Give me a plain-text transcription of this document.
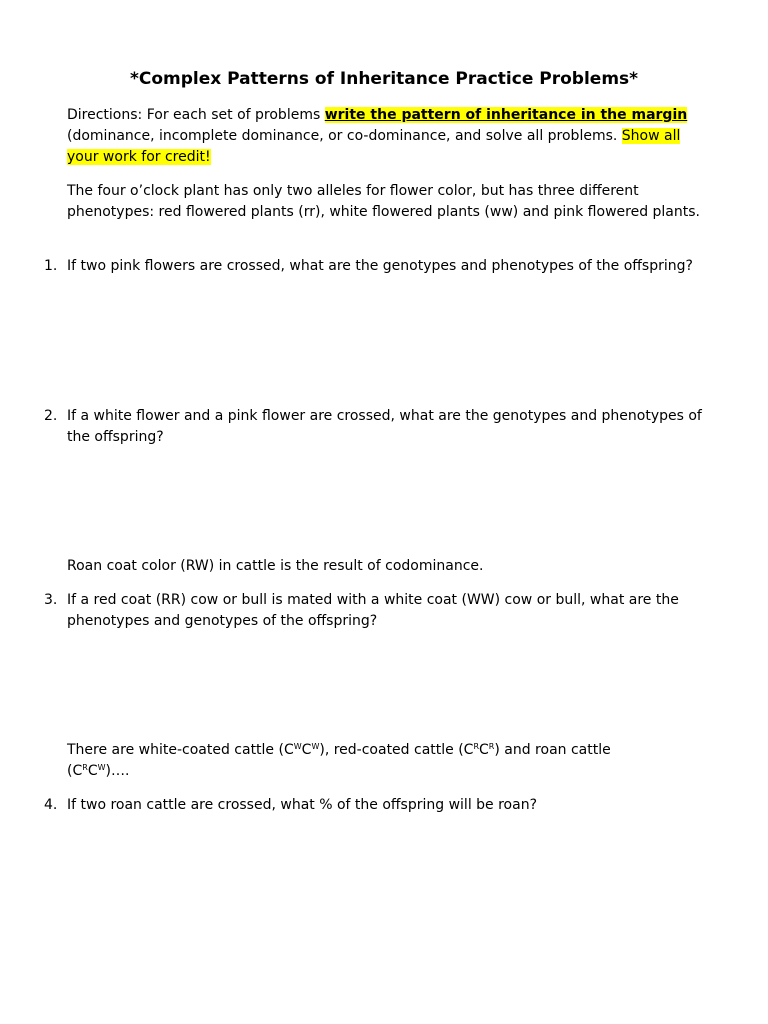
*Complex Patterns of Inheritance Practice Problems*
Directions: For each set of problems write the pattern of inheritance in the margin (dominance, incomplete dominance, or co-dominance, and solve all problems. Show all your work for credit!
The four o’clock plant has only two alleles for flower color, but has three different phenotypes: red flowered plants (rr), white flowered plants (ww) and pink flowered plants.
1. If two pink flowers are crossed, what are the genotypes and phenotypes of the offspring?
2. If a white flower and a pink flower are crossed, what are the genotypes and phenotypes of the offspring?
Roan coat color (RW) in cattle is the result of codominance.
3. If a red coat (RR) cow or bull is mated with a white coat (WW) cow or bull, what are the phenotypes and genotypes of the offspring?
There are white-coated cattle $(C^WC^W)$, red-coated cattle $(C^RC^R)$ and roan cattle $(C^RC^W)\dots$.
4. If two roan cattle are crossed, what % of the offspring will be roan?
